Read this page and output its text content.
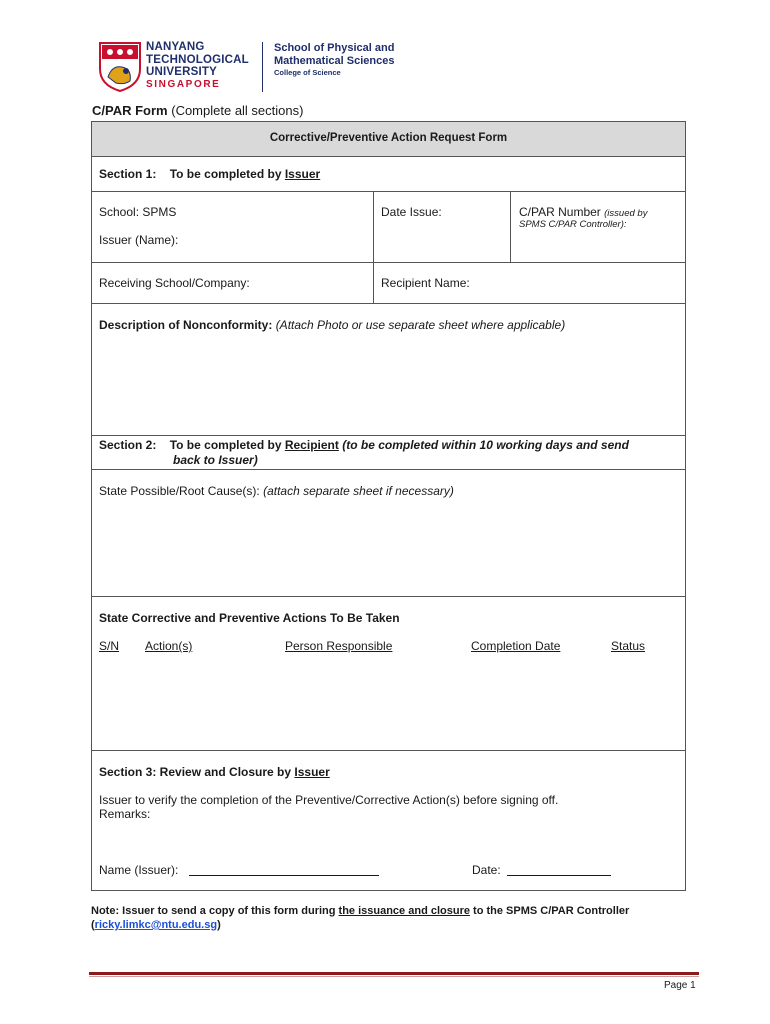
NANYANG
TECHNOLOGICAL
UNIVERSITY
SINGAPORE
School of Physical and
Mathematical Sciences
College of Science
C/PAR Form (Complete all sections)
Corrective/Preventive Action Request Form
Section 1: To be completed by Issuer
School: SPMS
Issuer (Name):
Date Issue:	C/PAR Number (issued by
SPMS C/PAR Controller):
Receiving School/Company:	Recipient Name:
Description of Nonconformity: (Attach Photo or use separate sheet where applicable)
Section 2: To be completed by Recipient (to be completed within 10 working days and send
back to Issuer)
State Possible/Root Cause(s): (attach separate sheet if necessary)
State Corrective and Preventive Actions To Be Taken
S/N Action(s)	Person Responsible	Completion Date	Status
Section 3: Review and Closure by Issuer
Issuer to verify the completion of the Preventive/Corrective Action(s) before signing off.
Remarks:
Name (Issuer):	Date:
Note: Issuer to send a copy of this form during the issuance and closure to the SPMS C/PAR Controller
(ricky.limkc@ntu.edu.sg)
Page 1
